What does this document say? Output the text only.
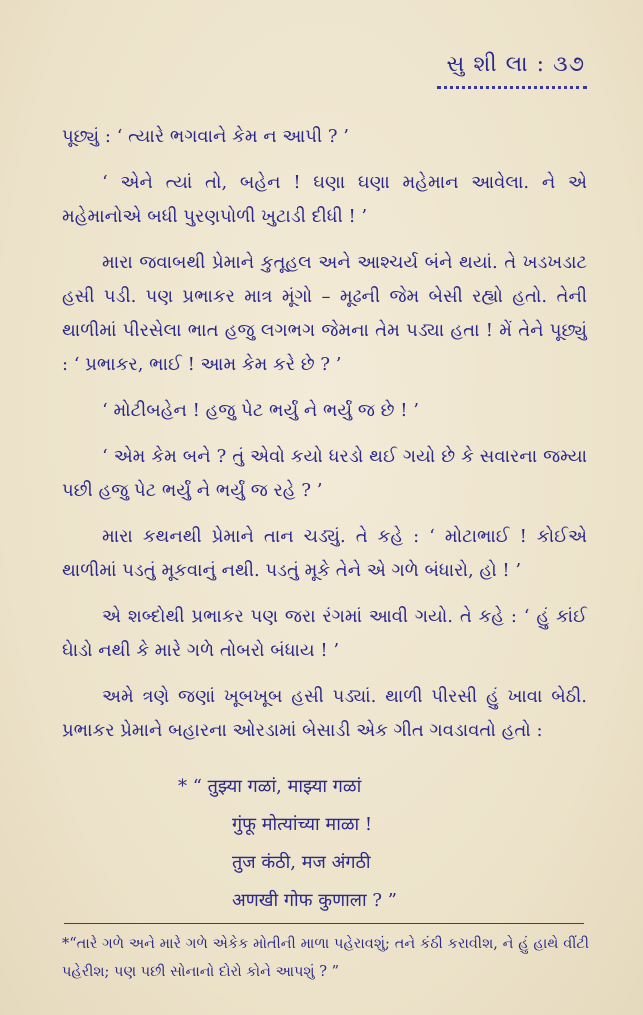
સુ શી લા : ૩૭

પૂછ્યું : ‘ ત્યારે ભગવાને કેમ ન આપી ? ’

‘ એને ત્યાં તો, બહેન ! ઘણા ઘણા મહેમાન આવેલા. ને એ મહેમાનોએ બધી પુરણપોળી ખુટાડી દીધી ! ’

મારા જવાબથી પ્રેમાને કુતૂહલ અને આશ્ચર્ય બંને થયાં. તે ખડખડાટ હસી પડી. પણ પ્રભાકર માત્ર મૂંગો – મૂઢની જેમ બેસી રહ્યો હતો. તેની થાળીમાં પીરસેલા ભાત હજુ લગભગ જેમના તેમ પડ્યા હતા ! મેં તેને પૂછ્યું : ‘ પ્રભાકર, ભાઈ ! આમ કેમ કરે છે ? ’

‘ મોટીબહેન ! હજુ પેટ ભર્યું ને ભર્યું જ છે ! ’

‘ એમ કેમ બને ? તું એવો કયો ધરડો થઈ ગયો છે કે સવારના જમ્યા પછી હજુ પેટ ભર્યું ને ભર્યું જ રહે ? ’

મારા કથનથી પ્રેમાને તાન ચડ્યું. તે કહે : ‘ મોટાભાઈ ! કોઈએ થાળીમાં પડતું મૂકવાનું નથી. પડતું મૂકે તેને એ ગળે બંધારો, હો ! ’

એ શબ્દોથી પ્રભાકર પણ જરા રંગમાં આવી ગયો. તે કહે : ‘ હું કાંઈ ઘેાડો નથી કે મારે ગળે તોબરો બંધાય ! ’

અમે ત્રણે જણાં ખૂબખૂબ હસી પડ્યાં. થાળી પીરસી હું ખાવા બેઠી. પ્રભાકર પ્રેમાને બહારના ઓરડામાં બેસાડી એક ગીત ગવડાવતો હતો :

* “ तुझ्या गळां, माझ्या गळां
गुंफू मोत्यांच्या माळा !
तुज कंठी, मज अंगठी
अणखी गोफ कुणाला ? ”
*“તારે ગળે અને મારે ગળે એકેક મોતીની માળા પહેરાવશું; તને કંઠી કરાવીશ, ને હું હાથે વીંટી પહેરીશ; પણ પછી સોનાનો દોરો કોને આપશું ? ”
